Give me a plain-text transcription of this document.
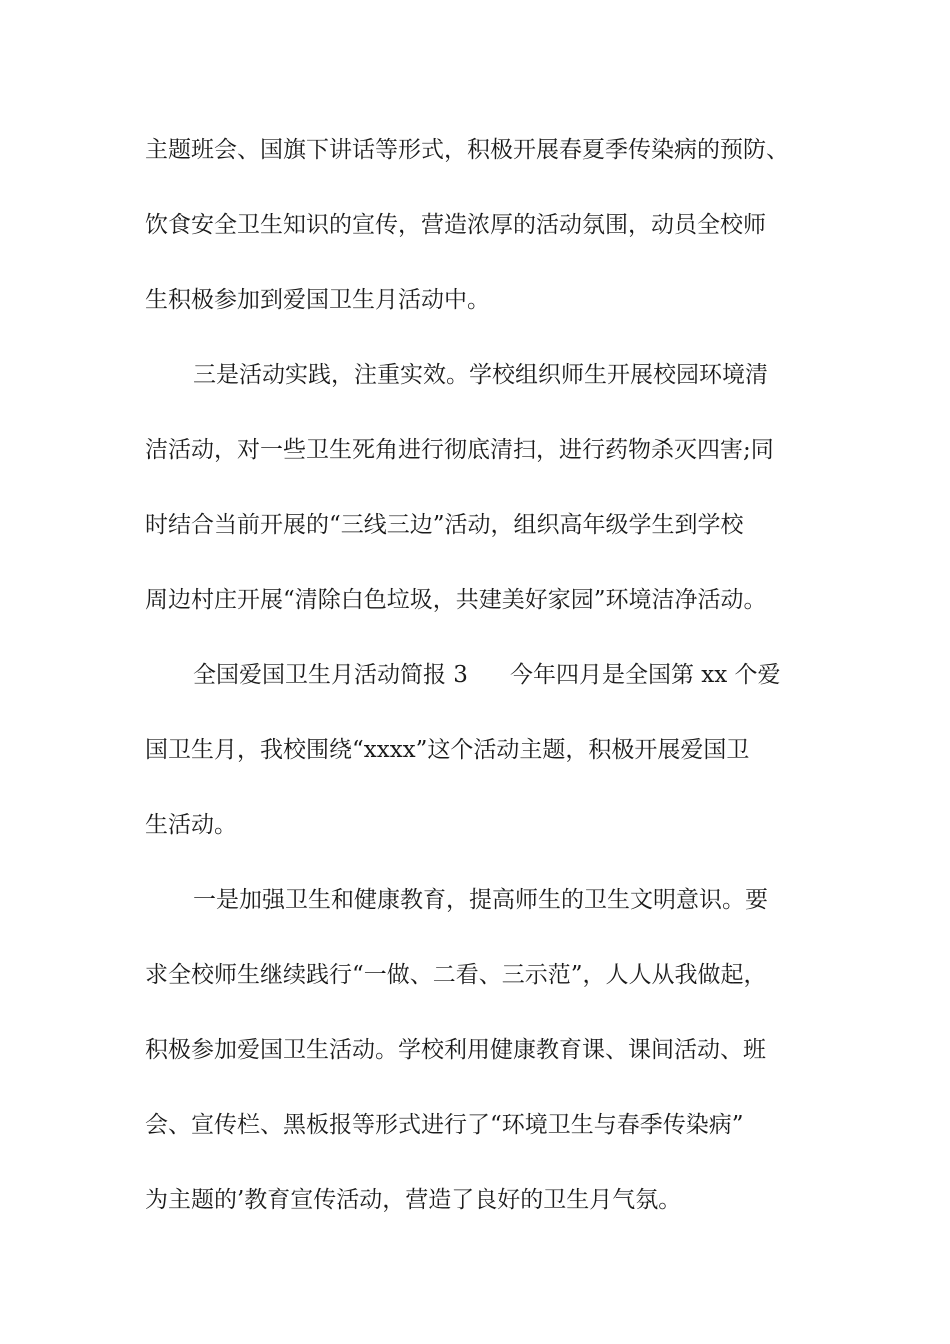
主题班会、国旗下讲话等形式，积极开展春夏季传染病的预防、

饮食安全卫生知识的宣传，营造浓厚的活动氛围，动员全校师

生积极参加到爱国卫生月活动中。

三是活动实践，注重实效。学校组织师生开展校园环境清

洁活动，对一些卫生死角进行彻底清扫，进行药物杀灭四害;同

时结合当前开展的“三线三边”活动，组织高年级学生到学校

周边村庄开展“清除白色垃圾，共建美好家园”环境洁净活动。

全国爱国卫生月活动简报 3 今年四月是全国第 xx 个爱

国卫生月，我校围绕“xxxx”这个活动主题，积极开展爱国卫

生活动。

一是加强卫生和健康教育，提高师生的卫生文明意识。要

求全校师生继续践行“一做、二看、三示范”，人人从我做起，

积极参加爱国卫生活动。学校利用健康教育课、课间活动、班

会、宣传栏、黑板报等形式进行了“环境卫生与春季传染病”

为主题的’教育宣传活动，营造了良好的卫生月气氛。
